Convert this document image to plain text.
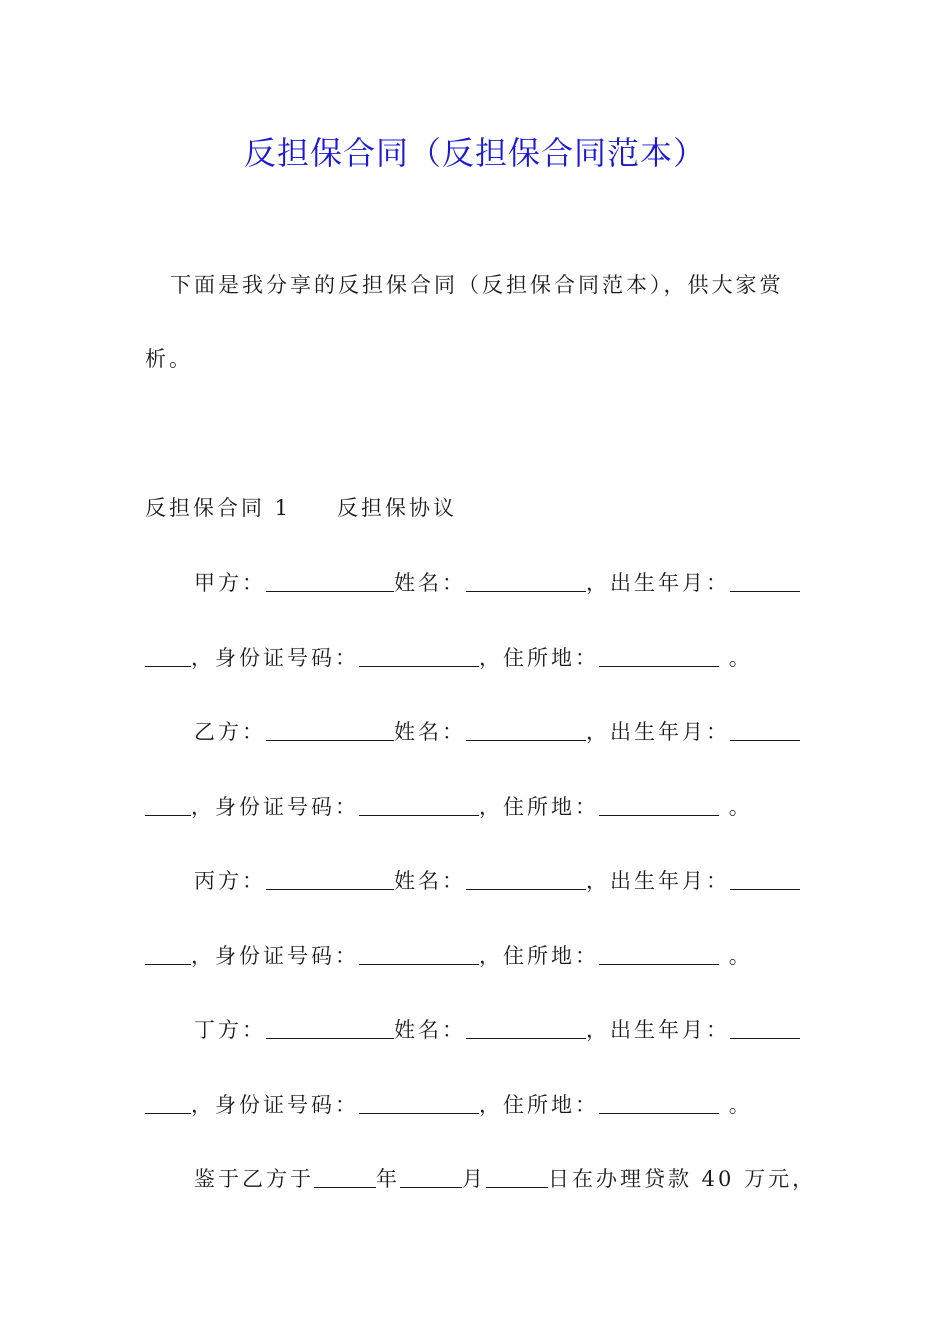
反担保合同（反担保合同范本）
下面是我分享的反担保合同（反担保合同范本），供大家赏
析。
反担保合同 1 反担保协议
甲方：	姓名：	，出生年月：
，身份证号码：	，住所地：	。
乙方：	姓名：	，出生年月：
，身份证号码：	，住所地：	。
丙方：	姓名：	，出生年月：
，身份证号码：	，住所地：	。
丁方：	姓名：	，出生年月：
，身份证号码：	，住所地：	。
鉴于乙方于	年	月	日在办理贷款 40 万元，
